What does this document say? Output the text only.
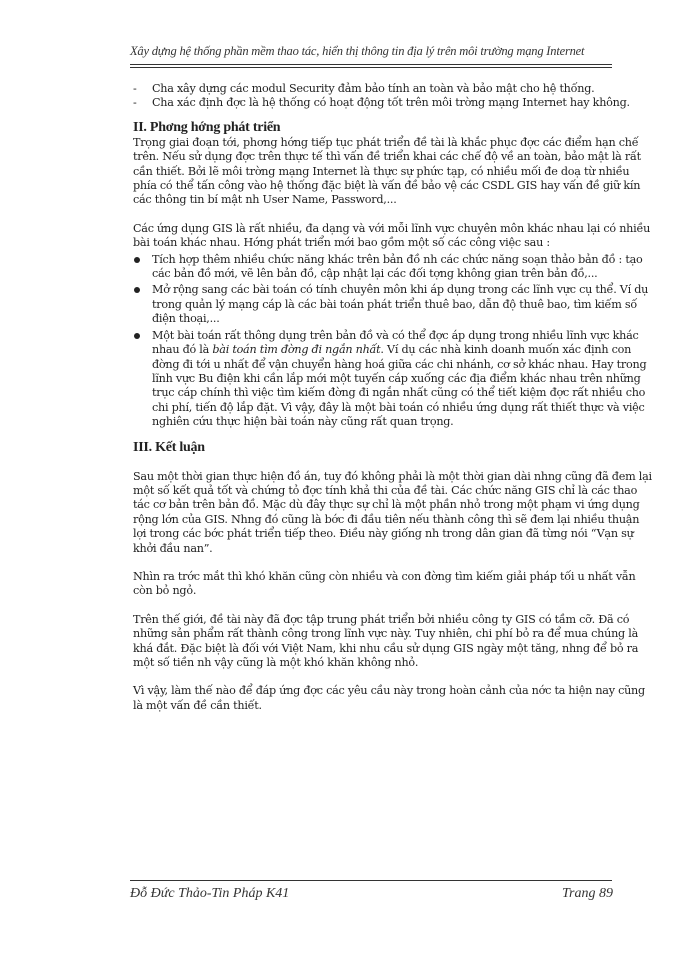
Xây dựng hệ thống phần mềm thao tác, hiển thị thông tin địa lý trên môi trường mạng Internet
- Cha xây dựng các modul Security đảm bảo tính an toàn và bảo mật cho hệ thống.
- Cha xác định đợc là hệ thống có hoạt động tốt trên môi trờng mạng Internet hay không.
II. Phơng hớng phát triển

Trọng giai đoạn tới, phơng hớng tiếp tục phát triển đề tài là khắc phục đợc các điểm hạn chế trên. Nếu sử dụng đợc trên thực tế thì vấn đề triển khai các chế độ về an toàn, bảo mật là rất cần thiết. Bởi lẽ môi trờng mạng Internet là thực sự phức tạp, có nhiều mối đe doạ từ nhiều phía có thể tấn công vào hệ thống đặc biệt là vấn đề bảo vệ các CSDL GIS hay vấn đề giữ kín các thông tin bí mật nh User Name, Password,...

Các ứng dụng GIS là rất nhiều, đa dạng và với mỗi lĩnh vực chuyên môn khác nhau lại có nhiều bài toán khác nhau. Hớng phát triển mới bao gồm một số các công việc sau :

Tích hợp thêm nhiều chức năng khác trên bản đồ nh các chức năng soạn thảo bản đồ : tạo các bản đồ mới, vẽ lên bản đồ, cập nhật lại các đối tợng không gian trên bản đồ,...
Mở rộng sang các bài toán có tính chuyên môn khi áp dụng trong các lĩnh vực cụ thể. Ví dụ trong quản lý mạng cáp là các bài toán phát triển thuê bao, dẫn độ thuê bao, tìm kiếm số điện thoại,...
Một bài toán rất thông dụng trên bản đồ và có thể đợc áp dụng trong nhiều lĩnh vực khác nhau đó là bài toán tìm đờng đi ngắn nhất. Ví dụ các nhà kinh doanh muốn xác định con đờng đi tới u nhất để vận chuyển hàng hoá giữa các chi nhánh, cơ sở khác nhau. Hay trong lĩnh vực Bu điện khi cần lắp mới một tuyến cáp xuống các địa điểm khác nhau trên những trục cáp chính thì việc tìm kiếm đờng đi ngắn nhất cũng có thể tiết kiệm đợc rất nhiều cho chi phí, tiến độ lắp đặt. Vì vậy, đây là một bài toán có nhiều ứng dụng rất thiết thực và việc nghiên cứu thực hiện bài toán này cũng rất quan trọng.
III. Kết luận

Sau một thời gian thực hiện đồ án, tuy đó không phải là một thời gian dài nhng cũng đã đem lại một số kết quả tốt và chứng tỏ đợc tính khả thi của đề tài. Các chức năng GIS chỉ là các thao tác cơ bản trên bản đồ. Mặc dù đây thực sự chỉ là một phần nhỏ trong một phạm vi ứng dụng rộng lớn của GIS. Nhng đó cũng là bớc đi đầu tiên nếu thành công thì sẽ đem lại nhiều thuận lợi trong các bớc phát triển tiếp theo. Điều này giống nh trong dân gian đã từng nói “Vạn sự khởi đầu nan”.

Nhìn ra trớc mắt thì khó khăn cũng còn nhiều và con đờng tìm kiếm giải pháp tối u nhất vẫn còn bỏ ngỏ.

Trên thế giới, đề tài này đã đợc tập trung phát triển bởi nhiều công ty GIS có tầm cỡ. Đã có những sản phẩm rất thành công trong lĩnh vực này. Tuy nhiên, chi phí bỏ ra để mua chúng là khá đắt. Đặc biệt là đối với Việt Nam, khi nhu cầu sử dụng GIS ngày một tăng, nhng để bỏ ra một số tiền nh vậy cũng là một khó khăn không nhỏ.

Vì vậy, làm thế nào để đáp ứng đợc các yêu cầu này trong hoàn cảnh của nớc ta hiện nay cũng là một vấn đề cần thiết.

Đỗ Đức Thảo-Tin Pháp K41	Trang 89
